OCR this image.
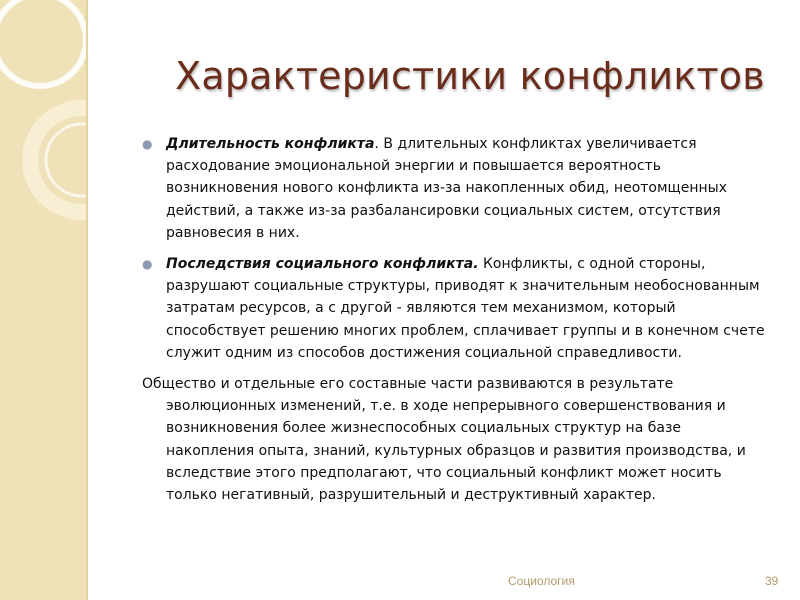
Характеристики конфликтов

● Длительность конфликта. В длительных конфликтах увеличивается расходование эмоциональной энергии и повышается вероятность возникновения нового конфликта из-за накопленных обид, неотомщенных действий, а также из-за разбалансировки социальных систем, отсутствия равновесия в них.

● Последствия социального конфликта. Конфликты, с одной стороны, разрушают социальные структуры, приводят к значительным необоснованным затратам ресурсов, а с другой - являются тем механизмом, который способствует решению многих проблем, сплачивает группы и в конечном счете служит одним из способов достижения социальной справедливости.

Общество и отдельные его составные части развиваются в результате эволюционных изменений, т.е. в ходе непрерывного совершенствования и возникновения более жизнеспособных социальных структур на базе накопления опыта, знаний, культурных образцов и развития производства, и вследствие этого предполагают, что социальный конфликт может носить только негативный, разрушительный и деструктивный характер.

Социология	39
